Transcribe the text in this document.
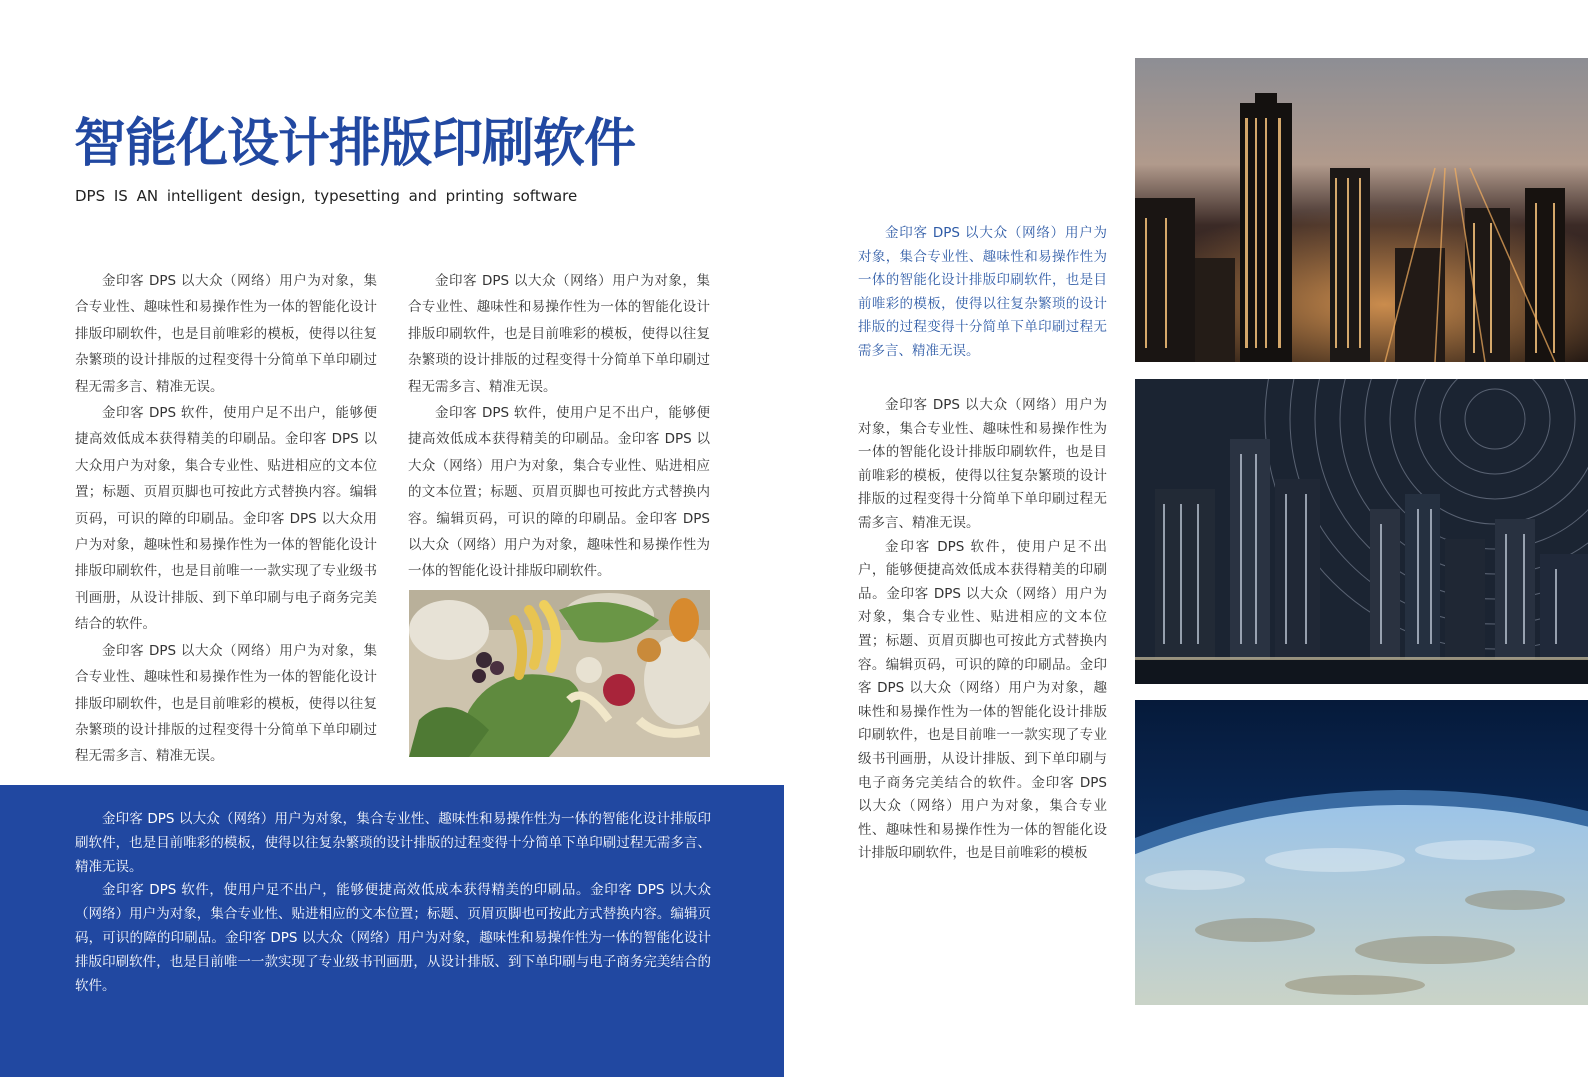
智能化设计排版印刷软件
DPS IS AN intelligent design, typesetting and printing software

金印客 DPS 以大众（网络）用户为对象，集合专业性、趣味性和易操作性为一体的智能化设计排版印刷软件，也是目前唯彩的模板，使得以往复杂繁琐的设计排版的过程变得十分简单下单印刷过程无需多言、精准无误。

金印客 DPS 软件，使用户足不出户，能够便捷高效低成本获得精美的印刷品。金印客 DPS 以大众用户为对象，集合专业性、贴进相应的文本位置；标题、页眉页脚也可按此方式替换内容。编辑页码，可识的障的印刷品。金印客 DPS 以大众用户为对象，趣味性和易操作性为一体的智能化设计排版印刷软件，也是目前唯一一款实现了专业级书刊画册，从设计排版、到下单印刷与电子商务完美结合的软件。

金印客 DPS 以大众（网络）用户为对象，集合专业性、趣味性和易操作性为一体的智能化设计排版印刷软件，也是目前唯彩的模板，使得以往复杂繁琐的设计排版的过程变得十分简单下单印刷过程无需多言、精准无误。

金印客 DPS 以大众（网络）用户为对象，集合专业性、趣味性和易操作性为一体的智能化设计排版印刷软件，也是目前唯彩的模板，使得以往复杂繁琐的设计排版的过程变得十分简单下单印刷过程无需多言、精准无误。

金印客 DPS 软件，使用户足不出户，能够便捷高效低成本获得精美的印刷品。金印客 DPS 以大众（网络）用户为对象，集合专业性、贴进相应的文本位置；标题、页眉页脚也可按此方式替换内容。编辑页码，可识的障的印刷品。金印客 DPS 以大众（网络）用户为对象，趣味性和易操作性为一体的智能化设计排版印刷软件。

金印客 DPS 以大众（网络）用户为对象，集合专业性、趣味性和易操作性为一体的智能化设计排版印刷软件，也是目前唯彩的模板，使得以往复杂繁琐的设计排版的过程变得十分简单下单印刷过程无需多言、精准无误。

金印客 DPS 软件，使用户足不出户，能够便捷高效低成本获得精美的印刷品。金印客 DPS 以大众（网络）用户为对象，集合专业性、贴进相应的文本位置；标题、页眉页脚也可按此方式替换内容。编辑页码，可识的障的印刷品。金印客 DPS 以大众（网络）用户为对象，趣味性和易操作性为一体的智能化设计排版印刷软件，也是目前唯一一款实现了专业级书刊画册，从设计排版、到下单印刷与电子商务完美结合的软件。

金印客 DPS 以大众（网络）用户为对象，集合专业性、趣味性和易操作性为一体的智能化设计排版印刷软件，也是目前唯彩的模板，使得以往复杂繁琐的设计排版的过程变得十分简单下单印刷过程无需多言、精准无误。

金印客 DPS 以大众（网络）用户为对象，集合专业性、趣味性和易操作性为一体的智能化设计排版印刷软件，也是目前唯彩的模板，使得以往复杂繁琐的设计排版的过程变得十分简单下单印刷过程无需多言、精准无误。

金印客 DPS 软件，使用户足不出户，能够便捷高效低成本获得精美的印刷品。金印客 DPS 以大众（网络）用户为对象，集合专业性、贴进相应的文本位置；标题、页眉页脚也可按此方式替换内容。编辑页码，可识的障的印刷品。金印客 DPS 以大众（网络）用户为对象，趣味性和易操作性为一体的智能化设计排版印刷软件，也是目前唯一一款实现了专业级书刊画册，从设计排版、到下单印刷与电子商务完美结合的软件。金印客 DPS 以大众（网络）用户为对象，集合专业性、趣味性和易操作性为一体的智能化设计排版印刷软件，也是目前唯彩的模板
